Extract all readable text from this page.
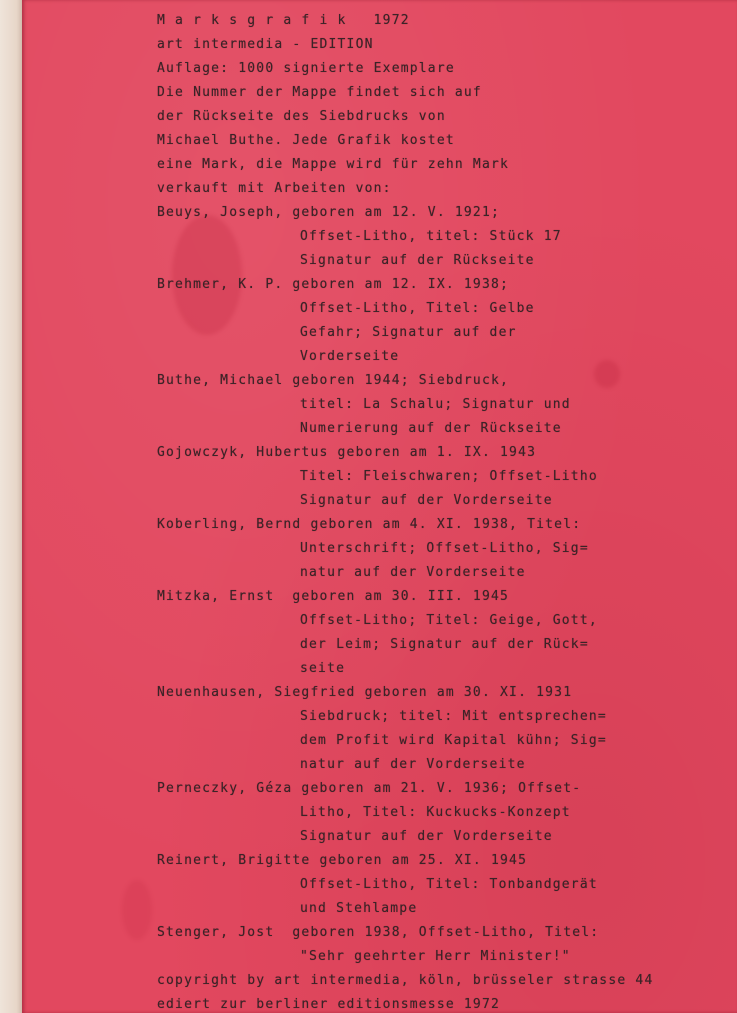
M a r k s g r a f i k   1972
art intermedia - EDITION
Auflage: 1000 signierte Exemplare
Die Nummer der Mappe findet sich auf
der Rückseite des Siebdrucks von
Michael Buthe. Jede Grafik kostet
eine Mark, die Mappe wird für zehn Mark
verkauft mit Arbeiten von:
Beuys, Joseph, geboren am 12. V. 1921;
Offset-Litho, titel: Stück 17
Signatur auf der Rückseite
Brehmer, K. P. geboren am 12. IX. 1938;
Offset-Litho, Titel: Gelbe
Gefahr; Signatur auf der
Vorderseite
Buthe, Michael geboren 1944; Siebdruck,
titel: La Schalu; Signatur und
Numerierung auf der Rückseite
Gojowczyk, Hubertus geboren am 1. IX. 1943
Titel: Fleischwaren; Offset-Litho
Signatur auf der Vorderseite
Koberling, Bernd geboren am 4. XI. 1938, Titel:
Unterschrift; Offset-Litho, Sig=
natur auf der Vorderseite
Mitzka, Ernst  geboren am 30. III. 1945
Offset-Litho; Titel: Geige, Gott,
der Leim; Signatur auf der Rück=
seite
Neuenhausen, Siegfried geboren am 30. XI. 1931
Siebdruck; titel: Mit entsprechen=
dem Profit wird Kapital kühn; Sig=
natur auf der Vorderseite
Perneczky, Géza geboren am 21. V. 1936; Offset-
Litho, Titel: Kuckucks-Konzept
Signatur auf der Vorderseite
Reinert, Brigitte geboren am 25. XI. 1945
Offset-Litho, Titel: Tonbandgerät
und Stehlampe
Stenger, Jost  geboren 1938, Offset-Litho, Titel:
"Sehr geehrter Herr Minister!"
copyright by art intermedia, köln, brüsseler strasse 44
ediert zur berliner editionsmesse 1972
